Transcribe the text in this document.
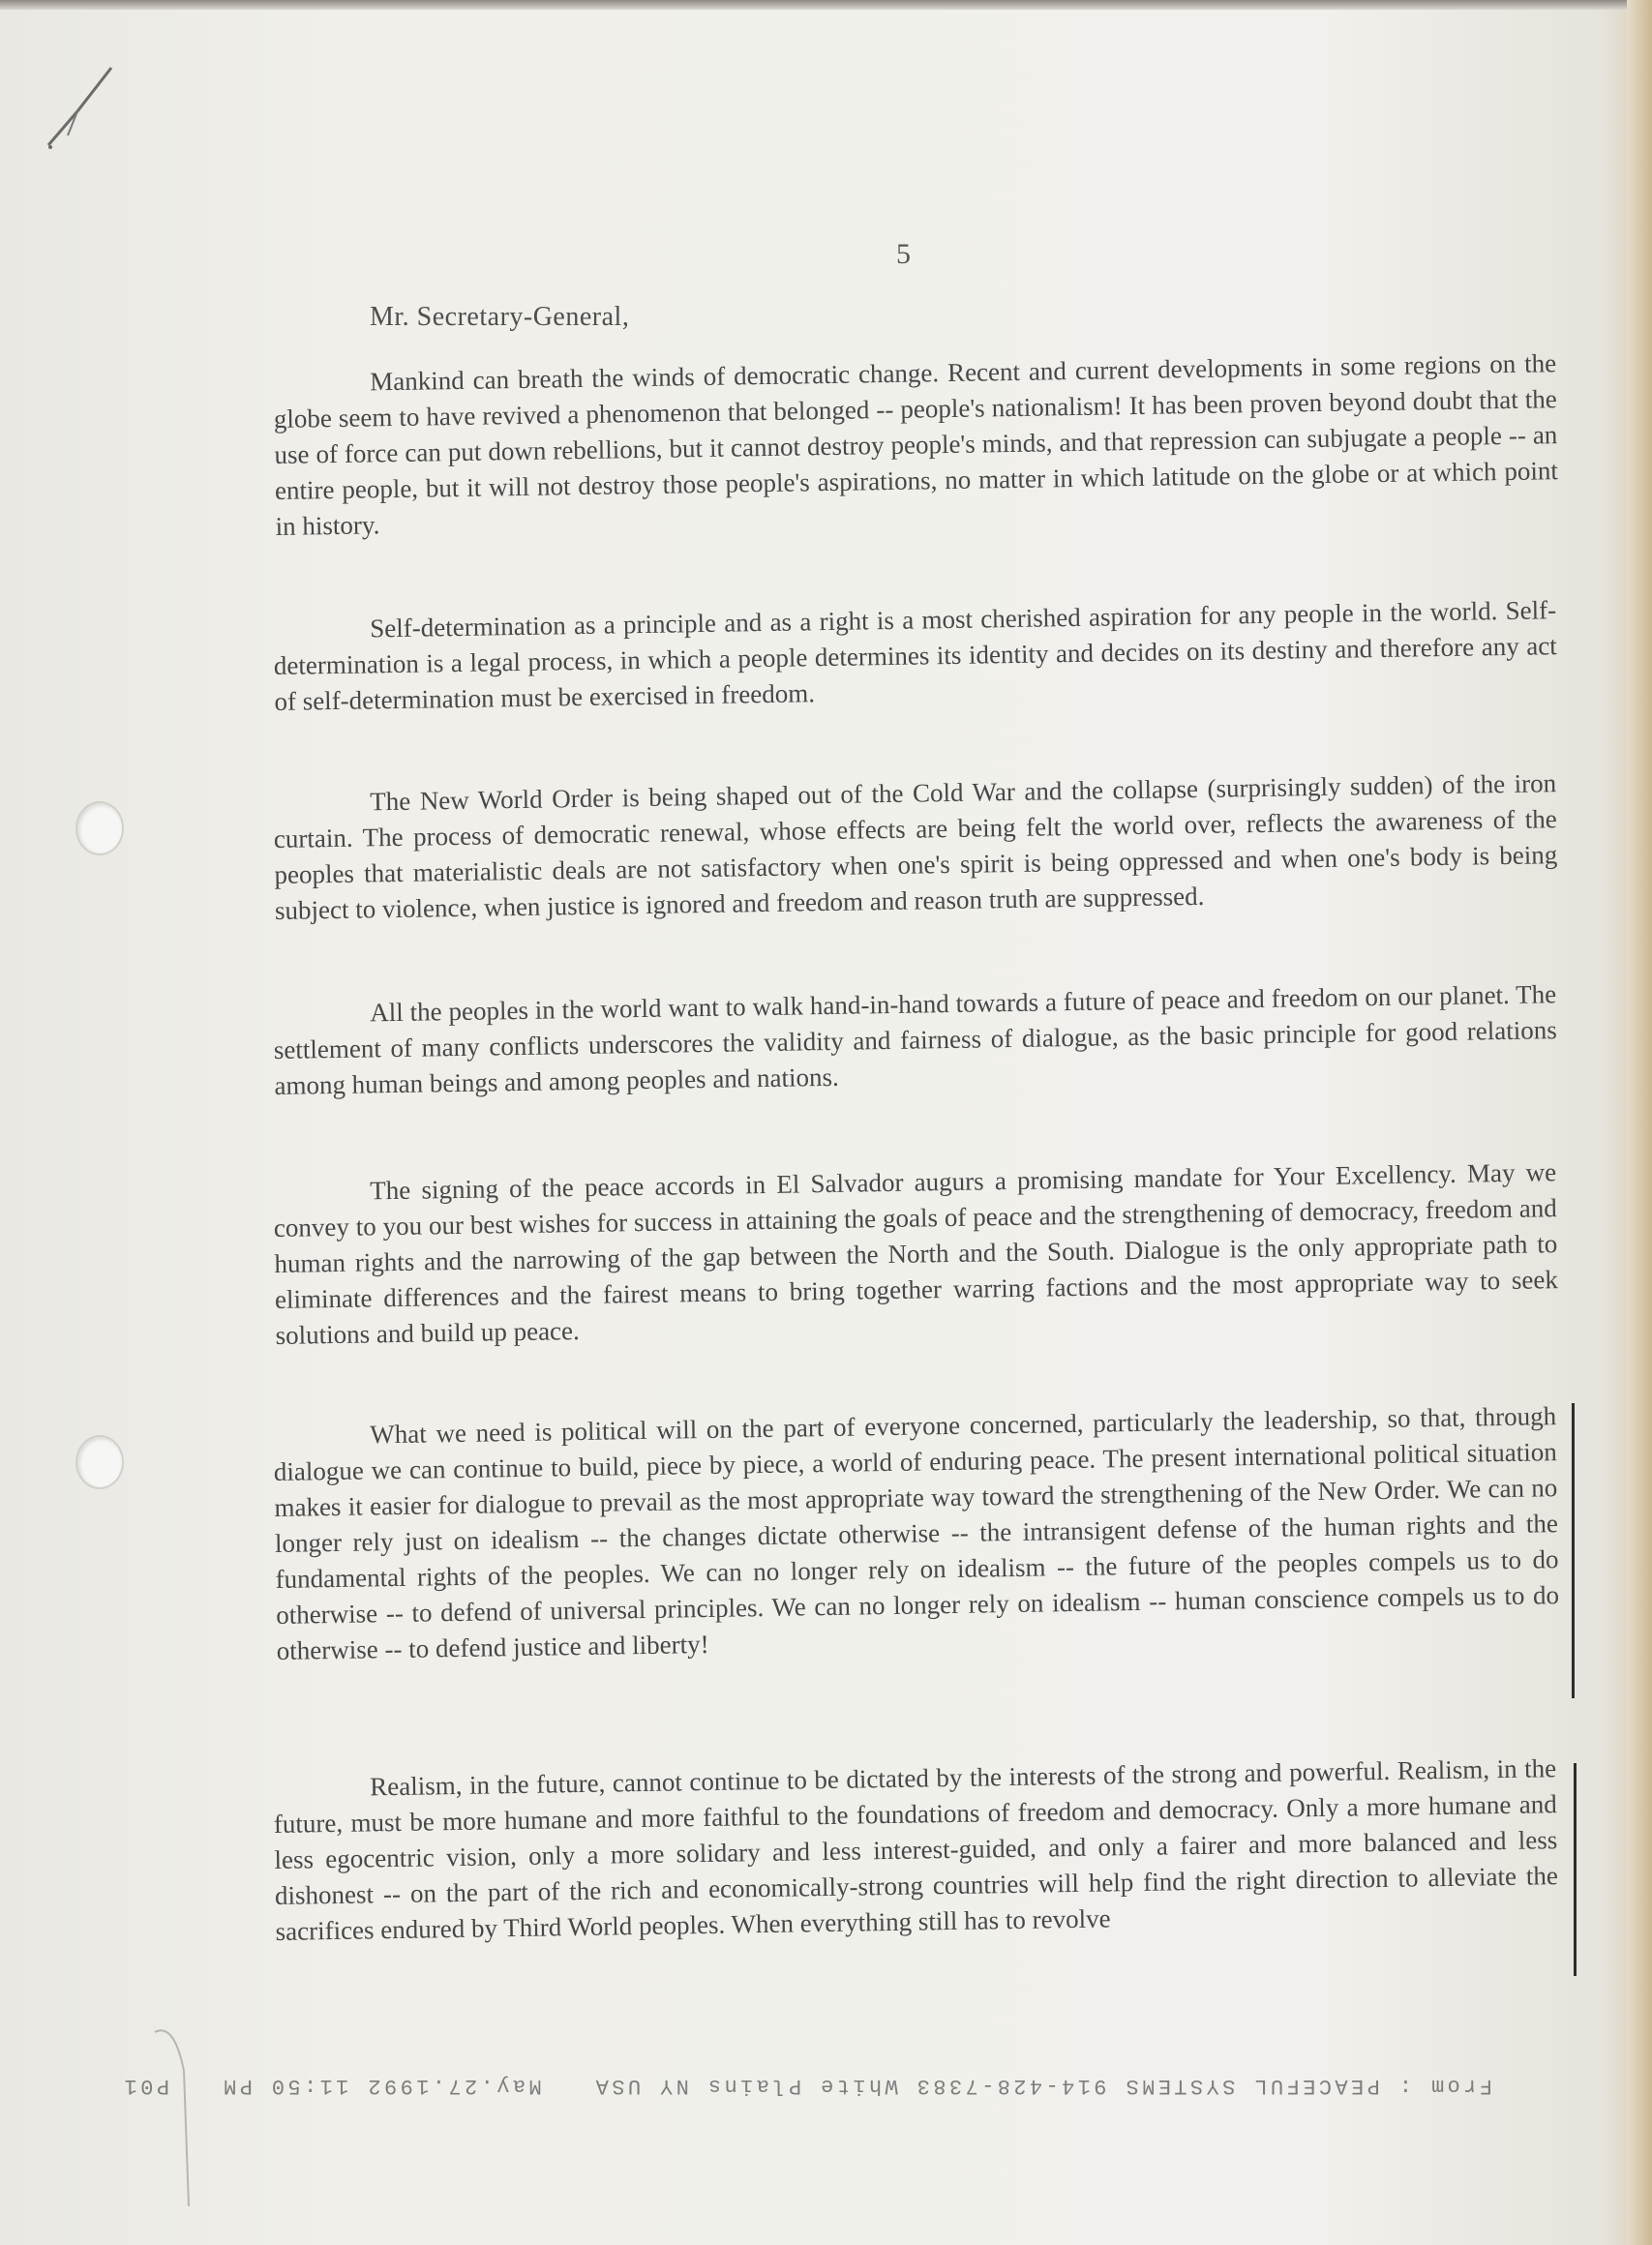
5
Mr. Secretary-General,

Mankind can breath the winds of democratic change. Recent and current developments in some regions on the globe seem to have revived a phenomenon that belonged -- people's nationalism! It has been proven beyond doubt that the use of force can put down rebellions, but it cannot destroy people's minds, and that repression can subjugate a people -- an entire people, but it will not destroy those people's aspirations, no matter in which latitude on the globe or at which point in history.

Self-determination as a principle and as a right is a most cherished aspiration for any people in the world. Self-determination is a legal process, in which a people determines its identity and decides on its destiny and therefore any act of self-determination must be exercised in freedom.

The New World Order is being shaped out of the Cold War and the collapse (surprisingly sudden) of the iron curtain. The process of democratic renewal, whose effects are being felt the world over, reflects the awareness of the peoples that materialistic deals are not satisfactory when one's spirit is being oppressed and when one's body is being subject to violence, when justice is ignored and freedom and reason truth are suppressed.

All the peoples in the world want to walk hand-in-hand towards a future of peace and freedom on our planet. The settlement of many conflicts underscores the validity and fairness of dialogue, as the basic principle for good relations among human beings and among peoples and nations.

The signing of the peace accords in El Salvador augurs a promising mandate for Your Excellency. May we convey to you our best wishes for success in attaining the goals of peace and the strengthening of democracy, freedom and human rights and the narrowing of the gap between the North and the South. Dialogue is the only appropriate path to eliminate differences and the fairest means to bring together warring factions and the most appropriate way to seek solutions and build up peace.

What we need is political will on the part of everyone concerned, particularly the leadership, so that, through dialogue we can continue to build, piece by piece, a world of enduring peace. The present international political situation makes it easier for dialogue to prevail as the most appropriate way toward the strengthening of the New Order. We can no longer rely just on idealism -- the changes dictate otherwise -- the intransigent defense of the human rights and the fundamental rights of the peoples. We can no longer rely on idealism -- the future of the peoples compels us to do otherwise -- to defend of universal principles. We can no longer rely on idealism -- human conscience compels us to do otherwise -- to defend justice and liberty!

Realism, in the future, cannot continue to be dictated by the interests of the strong and powerful. Realism, in the future, must be more humane and more faithful to the foundations of freedom and democracy. Only a more humane and less egocentric vision, only a more solidary and less interest-guided, and only a fairer and more balanced and less dishonest -- on the part of the rich and economically-strong countries will help find the right direction to alleviate the sacrifices endured by Third World peoples. When everything still has to revolve

From : PEACEFUL SYSTEMS 914-428-7383 White Plains NY USA May.27.1992 11:50 PM P01
